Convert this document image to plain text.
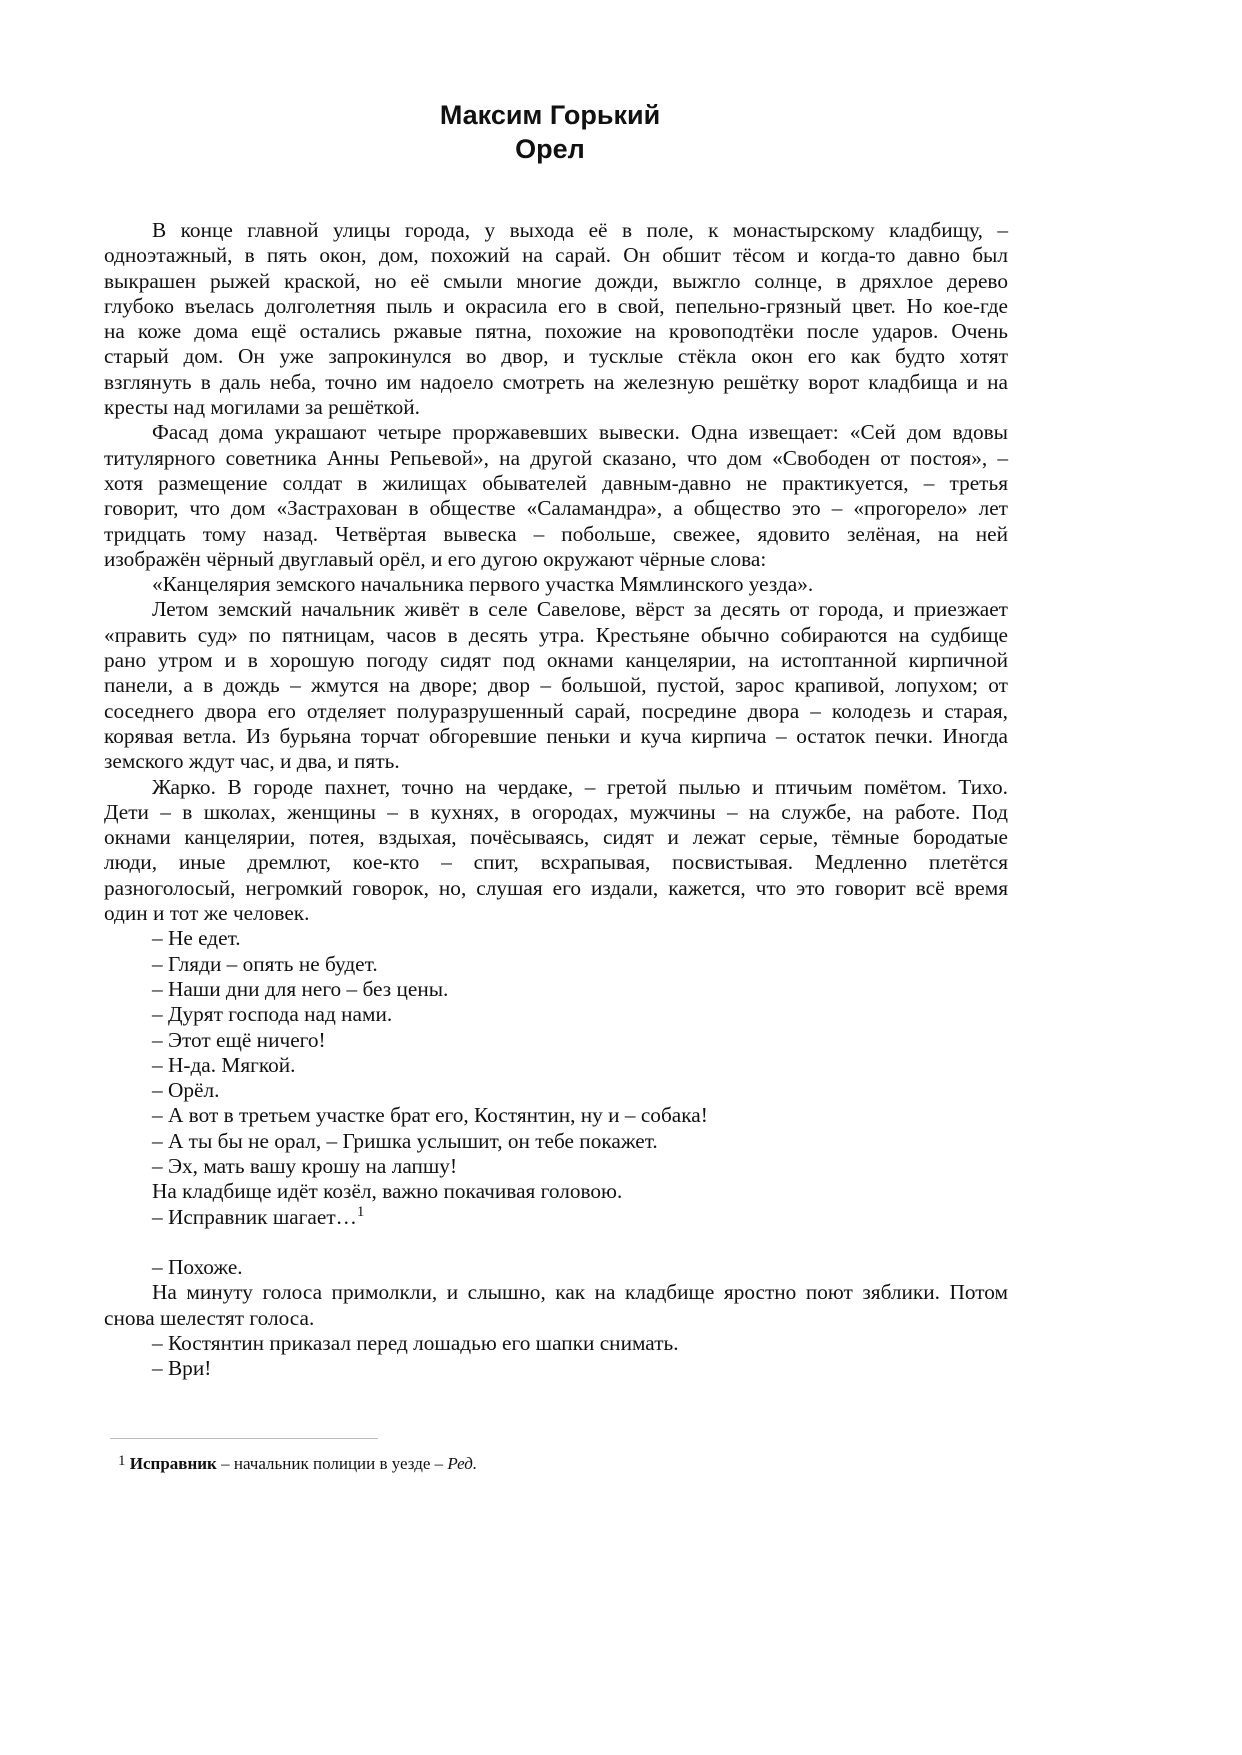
Максим Горький
Орел
В конце главной улицы города, у выхода её в поле, к монастырскому кладбищу, –
одноэтажный, в пять окон, дом, похожий на сарай. Он обшит тёсом и когда-то давно был
выкрашен рыжей краской, но её смыли многие дожди, выжгло солнце, в дряхлое дерево
глубоко въелась долголетняя пыль и окрасила его в свой, пепельно-грязный цвет. Но кое-где
на коже дома ещё остались ржавые пятна, похожие на кровоподтёки после ударов. Очень
старый дом. Он уже запрокинулся во двор, и тусклые стёкла окон его как будто хотят
взглянуть в даль неба, точно им надоело смотреть на железную решётку ворот кладбища и на
кресты над могилами за решёткой.
Фасад дома украшают четыре проржавевших вывески. Одна извещает: «Сей дом вдовы
титулярного советника Анны Репьевой», на другой сказано, что дом «Свободен от постоя», –
хотя размещение солдат в жилищах обывателей давным-давно не практикуется, – третья
говорит, что дом «Застрахован в обществе «Саламандра», а общество это – «прогорело» лет
тридцать тому назад. Четвёртая вывеска – побольше, свежее, ядовито зелёная, на ней
изображён чёрный двуглавый орёл, и его дугою окружают чёрные слова:
«Канцелярия земского начальника первого участка Мямлинского уезда».
Летом земский начальник живёт в селе Савелове, вёрст за десять от города, и приезжает
«править суд» по пятницам, часов в десять утра. Крестьяне обычно собираются на судбище
рано утром и в хорошую погоду сидят под окнами канцелярии, на истоптанной кирпичной
панели, а в дождь – жмутся на дворе; двор – большой, пустой, зарос крапивой, лопухом; от
соседнего двора его отделяет полуразрушенный сарай, посредине двора – колодезь и старая,
корявая ветла. Из бурьяна торчат обгоревшие пеньки и куча кирпича – остаток печки. Иногда
земского ждут час, и два, и пять.
Жарко. В городе пахнет, точно на чердаке, – гретой пылью и птичьим помётом. Тихо.
Дети – в школах, женщины – в кухнях, в огородах, мужчины – на службе, на работе. Под
окнами канцелярии, потея, вздыхая, почёсываясь, сидят и лежат серые, тёмные бородатые
люди, иные дремлют, кое-кто – спит, всхрапывая, посвистывая. Медленно плетётся
разноголосый, негромкий говорок, но, слушая его издали, кажется, что это говорит всё время
один и тот же человек.
– Не едет.
– Гляди – опять не будет.
– Наши дни для него – без цены.
– Дурят господа над нами.
– Этот ещё ничего!
– Н-да. Мягкой.
– Орёл.
– А вот в третьем участке брат его, Костянтин, ну и – собака!
– А ты бы не орал, – Гришка услышит, он тебе покажет.
– Эх, мать вашу крошу на лапшу!
На кладбище идёт козёл, важно покачивая головою.
– Исправник шагает…$^1$
– Похоже.
На минуту голоса примолкли, и слышно, как на кладбище яростно поют зяблики. Потом
снова шелестят голоса.
– Костянтин приказал перед лошадью его шапки снимать.
– Ври!
$^1$ Исправник – начальник полиции в уезде – Ред.
